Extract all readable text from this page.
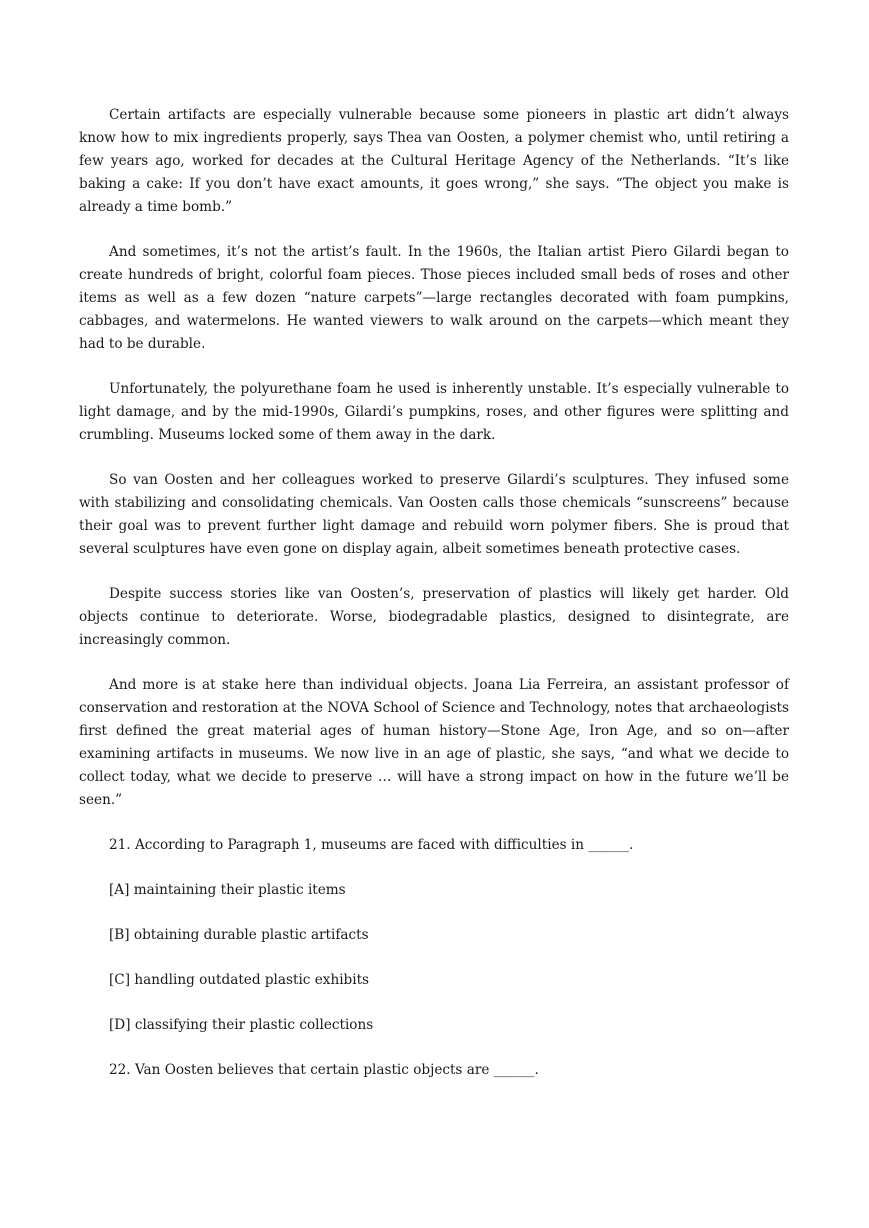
Certain artifacts are especially vulnerable because some pioneers in plastic art didn’t always know how to mix ingredients properly, says Thea van Oosten, a polymer chemist who, until retiring a few years ago, worked for decades at the Cultural Heritage Agency of the Netherlands. “It’s like baking a cake: If you don’t have exact amounts, it goes wrong,” she says. “The object you make is already a time bomb.”

And sometimes, it’s not the artist’s fault. In the 1960s, the Italian artist Piero Gilardi began to create hundreds of bright, colorful foam pieces. Those pieces included small beds of roses and other items as well as a few dozen “nature carpets”—large rectangles decorated with foam pumpkins, cabbages, and watermelons. He wanted viewers to walk around on the carpets—which meant they had to be durable.

Unfortunately, the polyurethane foam he used is inherently unstable. It’s especially vulnerable to light damage, and by the mid-1990s, Gilardi’s pumpkins, roses, and other figures were splitting and crumbling. Museums locked some of them away in the dark.

So van Oosten and her colleagues worked to preserve Gilardi’s sculptures. They infused some with stabilizing and consolidating chemicals. Van Oosten calls those chemicals “sunscreens” because their goal was to prevent further light damage and rebuild worn polymer fibers. She is proud that several sculptures have even gone on display again, albeit sometimes beneath protective cases.

Despite success stories like van Oosten’s, preservation of plastics will likely get harder. Old objects continue to deteriorate. Worse, biodegradable plastics, designed to disintegrate, are increasingly common.

And more is at stake here than individual objects. Joana Lia Ferreira, an assistant professor of conservation and restoration at the NOVA School of Science and Technology, notes that archaeologists first defined the great material ages of human history—Stone Age, Iron Age, and so on—after examining artifacts in museums. We now live in an age of plastic, she says, “and what we decide to collect today, what we decide to preserve … will have a strong impact on how in the future we’ll be seen.”

21. According to Paragraph 1, museums are faced with difficulties in ______.
[A] maintaining their plastic items
[B] obtaining durable plastic artifacts
[C] handling outdated plastic exhibits
[D] classifying their plastic collections
22. Van Oosten believes that certain plastic objects are ______.
